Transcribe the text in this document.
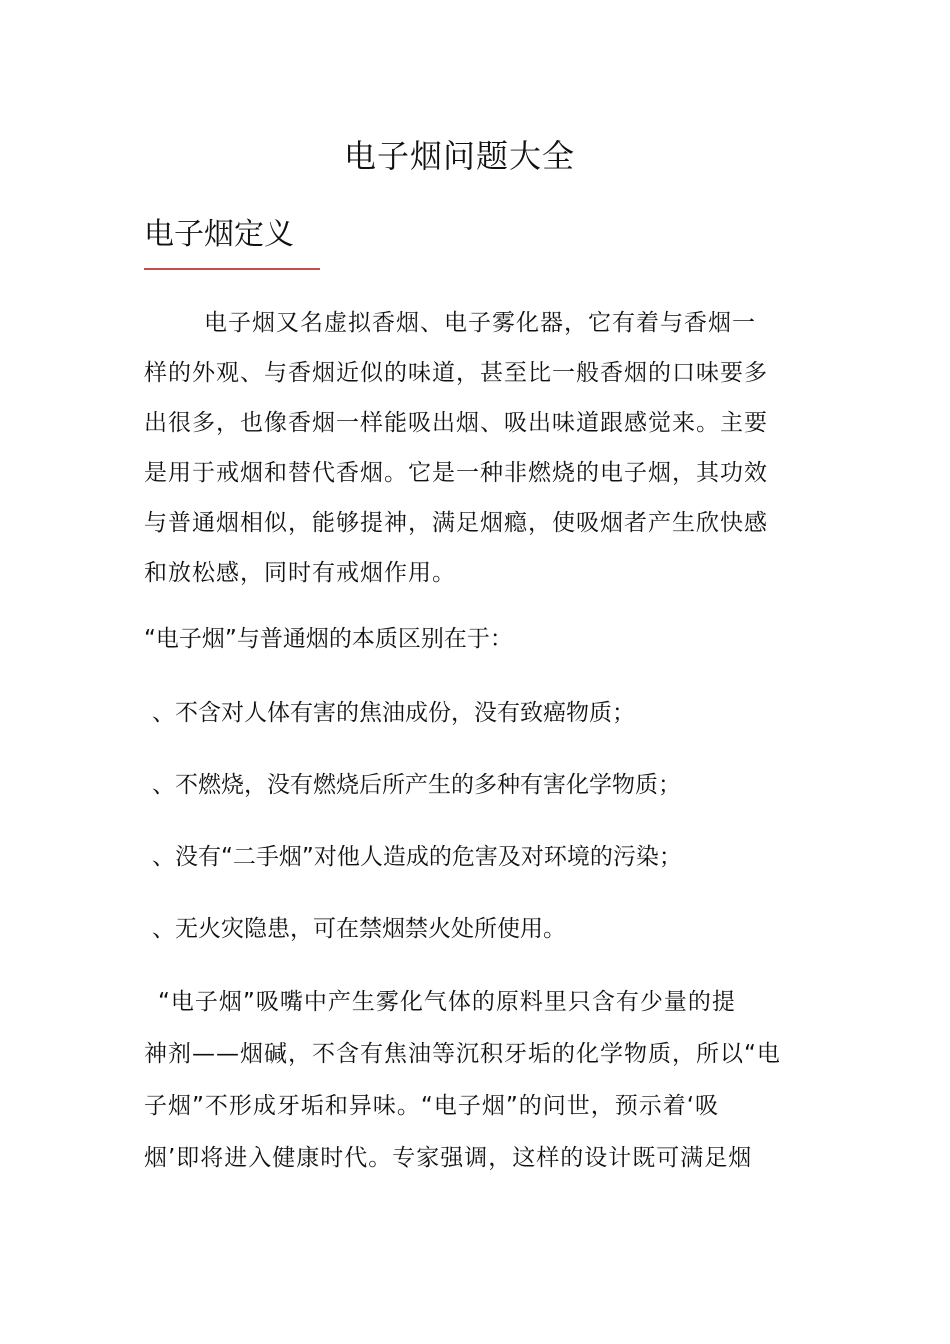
电子烟问题大全
电子烟定义
电子烟又名虚拟香烟、电子雾化器，它有着与香烟一
样的外观、与香烟近似的味道，甚至比一般香烟的口味要多
出很多，也像香烟一样能吸出烟、吸出味道跟感觉来。主要
是用于戒烟和替代香烟。它是一种非燃烧的电子烟，其功效
与普通烟相似，能够提神，满足烟瘾，使吸烟者产生欣快感
和放松感，同时有戒烟作用。
“电子烟”与普通烟的本质区别在于：
、不含对人体有害的焦油成份，没有致癌物质；
、不燃烧，没有燃烧后所产生的多种有害化学物质；
、没有“二手烟”对他人造成的危害及对环境的污染；
、无火灾隐患，可在禁烟禁火处所使用。
“电子烟”吸嘴中产生雾化气体的原料里只含有少量的提
神剂——烟碱，不含有焦油等沉积牙垢的化学物质，所以“电
子烟”不形成牙垢和异味。“电子烟”的问世，预示着‘吸
烟’即将进入健康时代。专家强调，这样的设计既可满足烟
